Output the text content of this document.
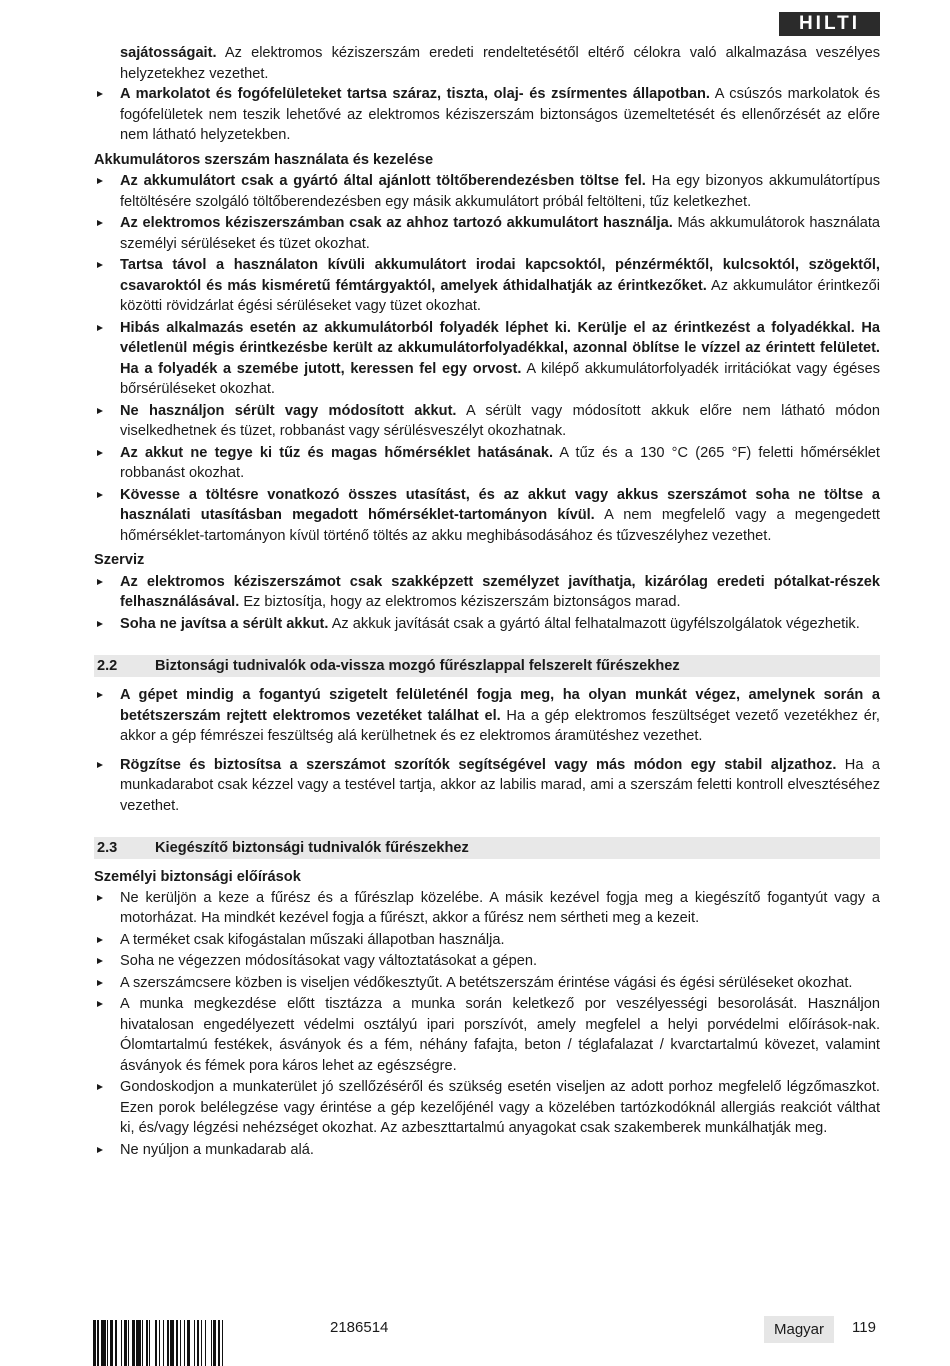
HILTI

sajátosságait. Az elektromos kéziszerszám eredeti rendeltetésétől eltérő célokra való alkalmazása veszélyes helyzetekhez vezethet.

A markolatot és fogófelületeket tartsa száraz, tiszta, olaj- és zsírmentes állapotban. A csúszós markolatok és fogófelületek nem teszik lehetővé az elektromos kéziszerszám biztonságos üzemeltetését és ellenőrzését az előre nem látható helyzetekben.
Akkumulátoros szerszám használata és kezelése
Az akkumulátort csak a gyártó által ajánlott töltőberendezésben töltse fel. Ha egy bizonyos akkumulátortípus feltöltésére szolgáló töltőberendezésben egy másik akkumulátort próbál feltölteni, tűz keletkezhet.
Az elektromos kéziszerszámban csak az ahhoz tartozó akkumulátort használja. Más akkumulátorok használata személyi sérüléseket és tüzet okozhat.
Tartsa távol a használaton kívüli akkumulátort irodai kapcsoktól, pénzérméktől, kulcsoktól, szögektől, csavaroktól és más kisméretű fémtárgyaktól, amelyek áthidalhatják az érintkezőket. Az akkumulátor érintkezői közötti rövidzárlat égési sérüléseket vagy tüzet okozhat.
Hibás alkalmazás esetén az akkumulátorból folyadék léphet ki. Kerülje el az érintkezést a folyadékkal. Ha véletlenül mégis érintkezésbe került az akkumulátorfolyadékkal, azonnal öblítse le vízzel az érintett felületet. Ha a folyadék a szemébe jutott, keressen fel egy orvost. A kilépő akkumulátorfolyadék irritációkat vagy égéses bőrsérüléseket okozhat.
Ne használjon sérült vagy módosított akkut. A sérült vagy módosított akkuk előre nem látható módon viselkedhetnek és tüzet, robbanást vagy sérülésveszélyt okozhatnak.
Az akkut ne tegye ki tűz és magas hőmérséklet hatásának. A tűz és a 130 °C (265 °F) feletti hőmérséklet robbanást okozhat.
Kövesse a töltésre vonatkozó összes utasítást, és az akkut vagy akkus szerszámot soha ne töltse a használati utasításban megadott hőmérséklet-tartományon kívül. A nem megfelelő vagy a megengedett hőmérséklet-tartományon kívül történő töltés az akku meghibásodásához és tűzveszélyhez vezethet.
Szerviz
Az elektromos kéziszerszámot csak szakképzett személyzet javíthatja, kizárólag eredeti pótalkat-részek felhasználásával. Ez biztosítja, hogy az elektromos kéziszerszám biztonságos marad.
Soha ne javítsa a sérült akkut. Az akkuk javítását csak a gyártó által felhatalmazott ügyfélszolgálatok végezhetik.
2.2	Biztonsági tudnivalók oda-vissza mozgó fűrészlappal felszerelt fűrészekhez
A gépet mindig a fogantyú szigetelt felületénél fogja meg, ha olyan munkát végez, amelynek során a betétszerszám rejtett elektromos vezetéket találhat el. Ha a gép elektromos feszültséget vezető vezetékhez ér, akkor a gép fémrészei feszültség alá kerülhetnek és ez elektromos áramütéshez vezethet.
Rögzítse és biztosítsa a szerszámot szorítók segítségével vagy más módon egy stabil aljzathoz. Ha a munkadarabot csak kézzel vagy a testével tartja, akkor az labilis marad, ami a szerszám feletti kontroll elvesztéséhez vezethet.
2.3	Kiegészítő biztonsági tudnivalók fűrészekhez
Személyi biztonsági előírások
Ne kerüljön a keze a fűrész és a fűrészlap közelébe. A másik kezével fogja meg a kiegészítő fogantyút vagy a motorházat. Ha mindkét kezével fogja a fűrészt, akkor a fűrész nem sértheti meg a kezeit.
A terméket csak kifogástalan műszaki állapotban használja.
Soha ne végezzen módosításokat vagy változtatásokat a gépen.
A szerszámcsere közben is viseljen védőkesztyűt. A betétszerszám érintése vágási és égési sérüléseket okozhat.
A munka megkezdése előtt tisztázza a munka során keletkező por veszélyességi besorolását. Használjon hivatalosan engedélyezett védelmi osztályú ipari porszívót, amely megfelel a helyi porvédelmi előírások-nak. Ólomtartalmú festékek, ásványok és a fém, néhány fafajta, beton / téglafalazat / kvarctartalmú kövezet, valamint ásványok és fémek pora káros lehet az egészségre.
Gondoskodjon a munkaterület jó szellőzéséről és szükség esetén viseljen az adott porhoz megfelelő légzőmaszkot. Ezen porok belélegzése vagy érintése a gép kezelőjénél vagy a közelében tartózkodóknál allergiás reakciót válthat ki, és/vagy légzési nehézséget okozhat. Az azbeszttartalmú anyagokat csak szakemberek munkálhatják meg.
Ne nyúljon a munkadarab alá.
2186514	Magyar	119
